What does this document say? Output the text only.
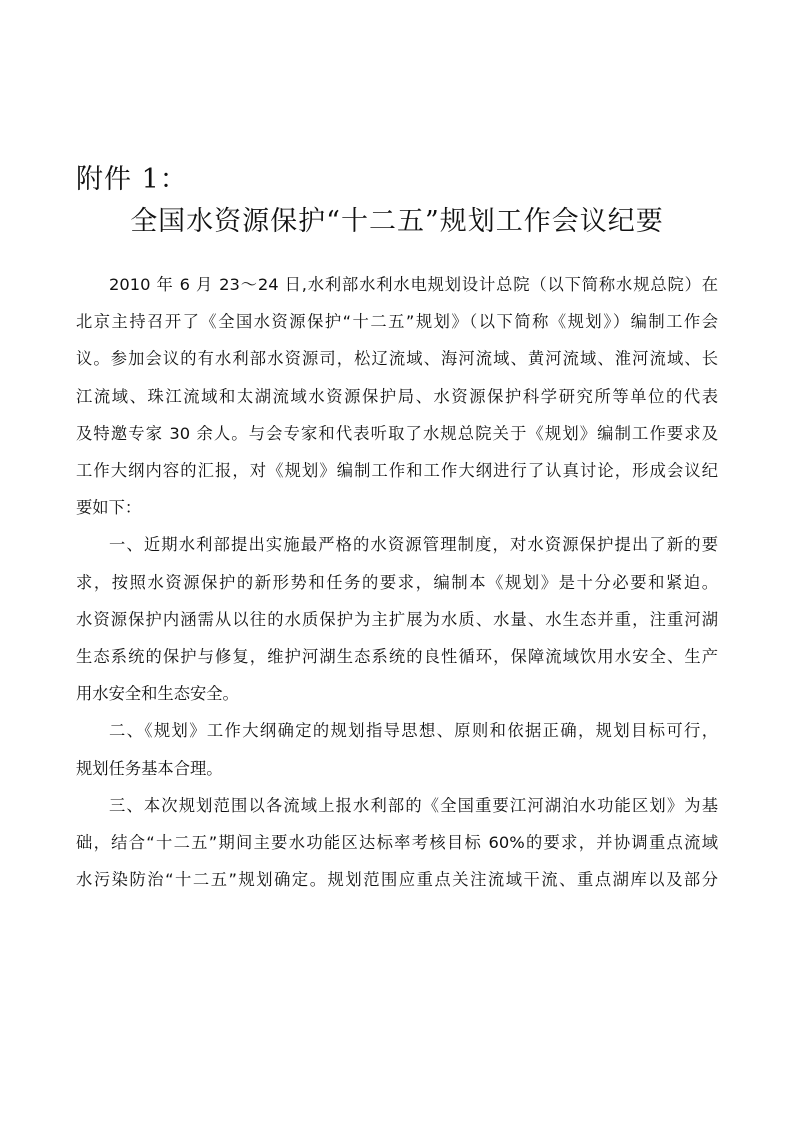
附件 1：
全国水资源保护“十二五”规划工作会议纪要
2010 年 6 月 23～24 日,水利部水利水电规划设计总院（以下简称水规总院）在
北京主持召开了《全国水资源保护“十二五”规划》（以下简称《规划》）编制工作会
议。参加会议的有水利部水资源司，松辽流域、海河流域、黄河流域、淮河流域、长
江流域、珠江流域和太湖流域水资源保护局、水资源保护科学研究所等单位的代表
及特邀专家 30 余人。与会专家和代表听取了水规总院关于《规划》编制工作要求及
工作大纲内容的汇报，对《规划》编制工作和工作大纲进行了认真讨论，形成会议纪
要如下：
一、近期水利部提出实施最严格的水资源管理制度，对水资源保护提出了新的要
求，按照水资源保护的新形势和任务的要求，编制本《规划》是十分必要和紧迫。
水资源保护内涵需从以往的水质保护为主扩展为水质、水量、水生态并重，注重河湖
生态系统的保护与修复，维护河湖生态系统的良性循环，保障流域饮用水安全、生产
用水安全和生态安全。
二、《规划》工作大纲确定的规划指导思想、原则和依据正确，规划目标可行，
规划任务基本合理。
三、本次规划范围以各流域上报水利部的《全国重要江河湖泊水功能区划》为基
础，结合“十二五”期间主要水功能区达标率考核目标 60%的要求，并协调重点流域
水污染防治“十二五”规划确定。规划范围应重点关注流域干流、重点湖库以及部分
